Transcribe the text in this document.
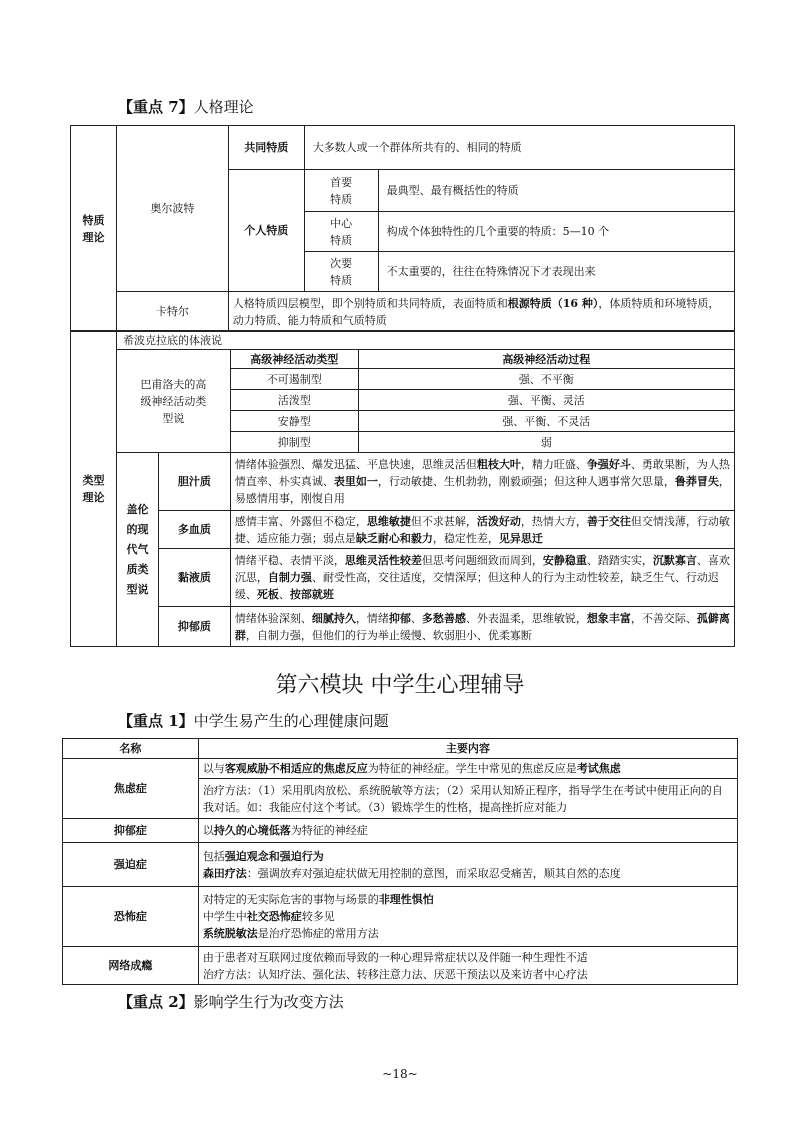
【重点 7】人格理论
特质理论	奥尔波特	共同特质	大多数人或一个群体所共有的、相同的特质	
		个人特质	首要特质	最典型、最有概括性的特质
			中心特质	构成个体独特性的几个重要的特质：5—10 个
			次要特质	不太重要的，往往在特殊情况下才表现出来
	卡特尔	人格特质四层模型，即个别特质和共同特质，表面特质和根源特质（16 种），体质特质和环境特质，动力特质、能力特质和气质特质		
类型理论	希波克拉底的体液说			
	巴甫洛夫的高级神经活动类型说		高级神经活动类型	高级神经活动过程
			不可遏制型	强、不平衡
			活泼型	强、平衡、灵活
			安静型	强、平衡、不灵活
			抑制型	弱

	盖伦的现代气质类型说	胆汁质	情绪体验强烈、爆发迅猛、平息快速，思维灵活但粗枝大叶，精力旺盛、争强好斗、勇敢果断，为人热情直率、朴实真诚、表里如一，行动敏捷、生机勃勃，刚毅顽强；但这种人遇事常欠思量，鲁莽冒失，易感情用事，刚愎自用	
		多血质	感情丰富、外露但不稳定，思维敏捷但不求甚解，活泼好动，热情大方，善于交往但交情浅薄，行动敏捷、适应能力强；弱点是缺乏耐心和毅力，稳定性差，见异思迁	
		黏液质	情绪平稳、表情平淡，思维灵活性较差但思考问题细致而周到，安静稳重、踏踏实实，沉默寡言、喜欢沉思，自制力强、耐受性高，交往适度，交情深厚；但这种人的行为主动性较差，缺乏生气、行动迟缓、死板、按部就班	
		抑郁质	情绪体验深刻、细腻持久，情绪抑郁、多愁善感、外表温柔，思维敏锐，想象丰富，不善交际、孤僻离群，自制力强，但他们的行为举止缓慢、软弱胆小、优柔寡断	
第六模块 中学生心理辅导
【重点 1】中学生易产生的心理健康问题
名称	主要内容
焦虑症	以与客观威胁不相适应的焦虑反应为特征的神经症。学生中常见的焦虑反应是考试焦虑
	治疗方法：（1）采用肌肉放松、系统脱敏等方法；（2）采用认知矫正程序，指导学生在考试中使用正向的自我对话。如：我能应付这个考试。（3）锻炼学生的性格，提高挫折应对能力
抑郁症	以持久的心境低落为特征的神经症
强迫症	包括强迫观念和强迫行为
森田疗法：强调放弃对强迫症状做无用控制的意图，而采取忍受痛苦，顺其自然的态度
恐怖症	对特定的无实际危害的事物与场景的非理性惧怕
中学生中社交恐怖症较多见
系统脱敏法是治疗恐怖症的常用方法
网络成瘾	由于患者对互联网过度依赖而导致的一种心理异常症状以及伴随一种生理性不适
治疗方法：认知疗法、强化法、转移注意力法、厌恶干预法以及来访者中心疗法
【重点 2】影响学生行为改变方法
~18~
